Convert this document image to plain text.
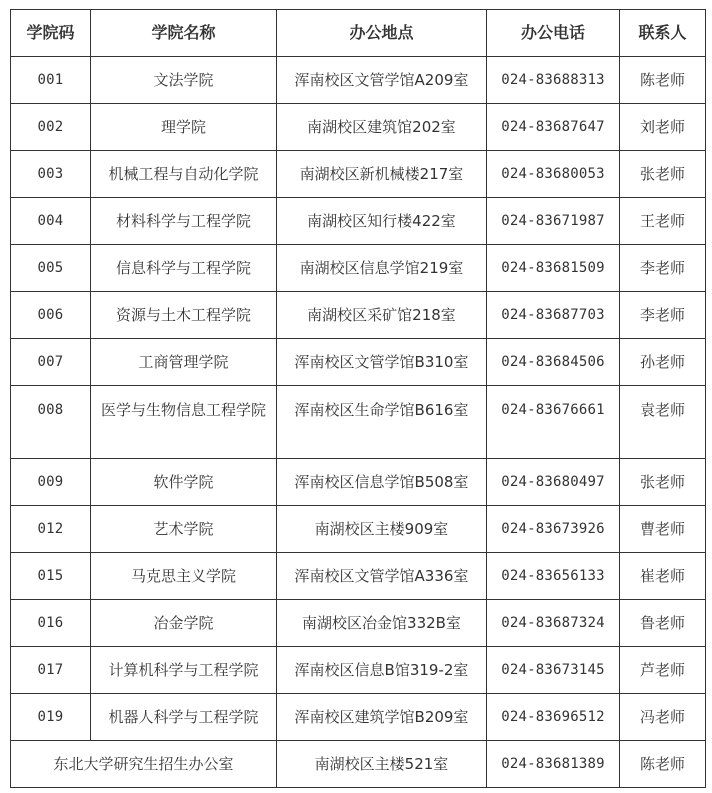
学院码	学院名称	办公地点	办公电话	联系人
001	文法学院	浑南校区文管学馆A209室	024-83688313	陈老师
002	理学院	南湖校区建筑馆202室	024-83687647	刘老师
003	机械工程与自动化学院	南湖校区新机械楼217室	024-83680053	张老师
004	材料科学与工程学院	南湖校区知行楼422室	024-83671987	王老师
005	信息科学与工程学院	南湖校区信息学馆219室	024-83681509	李老师
006	资源与土木工程学院	南湖校区采矿馆218室	024-83687703	李老师
007	工商管理学院	浑南校区文管学馆B310室	024-83684506	孙老师
008	医学与生物信息工程学院	浑南校区生命学馆B616室	024-83676661	袁老师
009	软件学院	浑南校区信息学馆B508室	024-83680497	张老师
012	艺术学院	南湖校区主楼909室	024-83673926	曹老师
015	马克思主义学院	浑南校区文管学馆A336室	024-83656133	崔老师
016	冶金学院	南湖校区冶金馆332B室	024-83687324	鲁老师
017	计算机科学与工程学院	浑南校区信息B馆319-2室	024-83673145	芦老师
019	机器人科学与工程学院	浑南校区建筑学馆B209室	024-83696512	冯老师
东北大学研究生招生办公室		南湖校区主楼521室	024-83681389	陈老师
